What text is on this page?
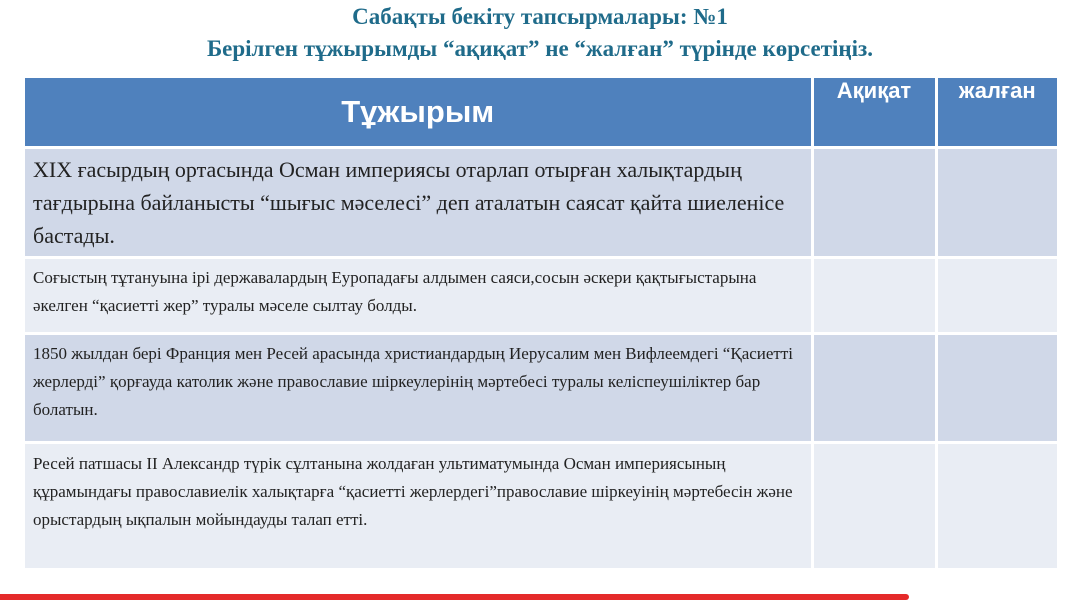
Сабақты бекіту тапсырмалары: №1
Берілген тұжырымды “ақиқат” не “жалған” түрінде көрсетіңіз.
Тұжырым	Ақиқат	жалған

XIX ғасырдың ортасында Осман империясы отарлап отырған халықтардың тағдырына байланысты “шығыс мәселесі” деп аталатын саясат қайта шиеленісе бастады.		

Соғыстың тұтануына ірі державалардың Еуропадағы алдымен саяси,сосын әскери қақтығыстарына әкелген “қасиетті жер” туралы мәселе сылтау болды.		

1850 жылдан бері Франция мен Ресей арасында христиандардың Иерусалим мен Вифлеемдегі “Қасиетті жерлерді” қорғауда католик және православие шіркеулерінің мәртебесі туралы келіспеушіліктер бар болатын.		

Ресей патшасы II Александр түрік сұлтанына жолдаған ультиматумында Осман империясының құрамындағы православиелік халықтарға “қасиетті жерлердегі”православие шіркеуінің мәртебесін және орыстардың ықпалын мойындауды талап етті.		
